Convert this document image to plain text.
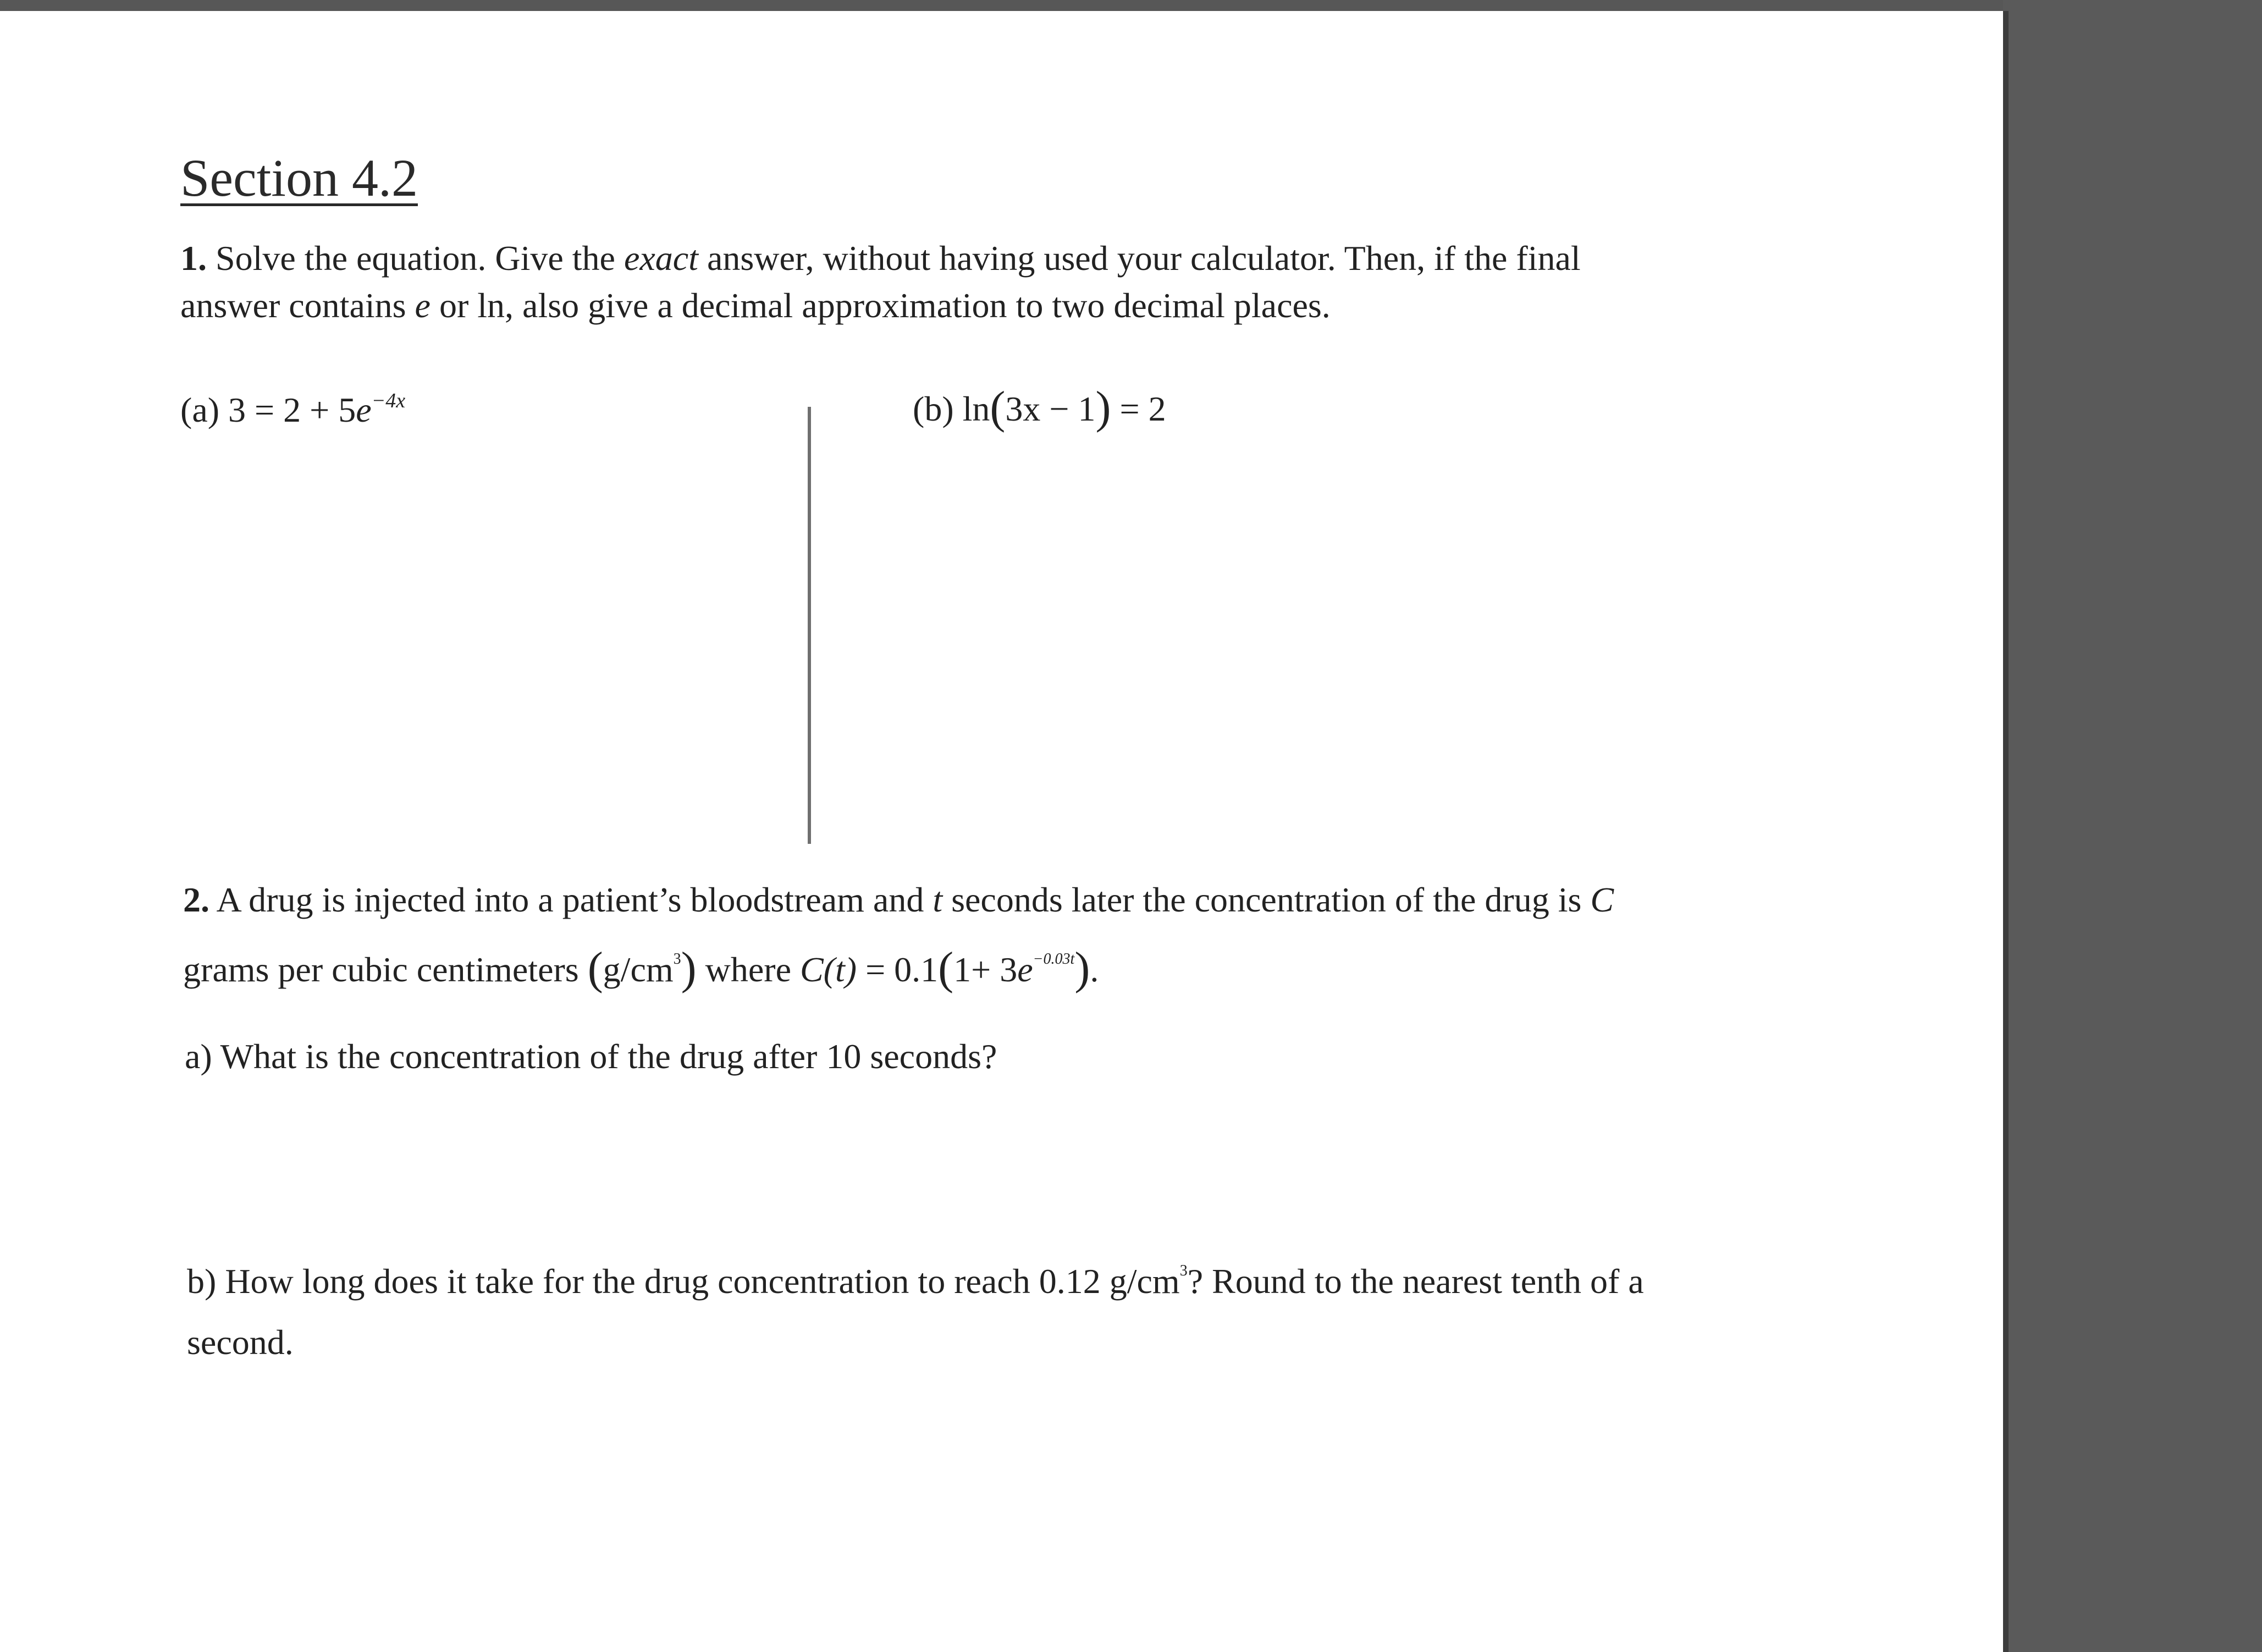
Section 4.2
1. Solve the equation. Give the exact answer, without having used your calculator. Then, if the final
answer contains e or ln, also give a decimal approximation to two decimal places.
(a) $3 = 2 + 5e^{-4x}$	(b) ln(3x − 1) = 2
2. A drug is injected into a patient’s bloodstream and t seconds later the concentration of the drug is C
grams per cubic centimeters $(g/cm^3)$ where $C(t) = 0.1(1+ 3e^{-0.03t})$.
a) What is the concentration of the drug after 10 seconds?
b) How long does it take for the drug concentration to reach 0.12 $g/cm^3$? Round to the nearest tenth of a
second.
